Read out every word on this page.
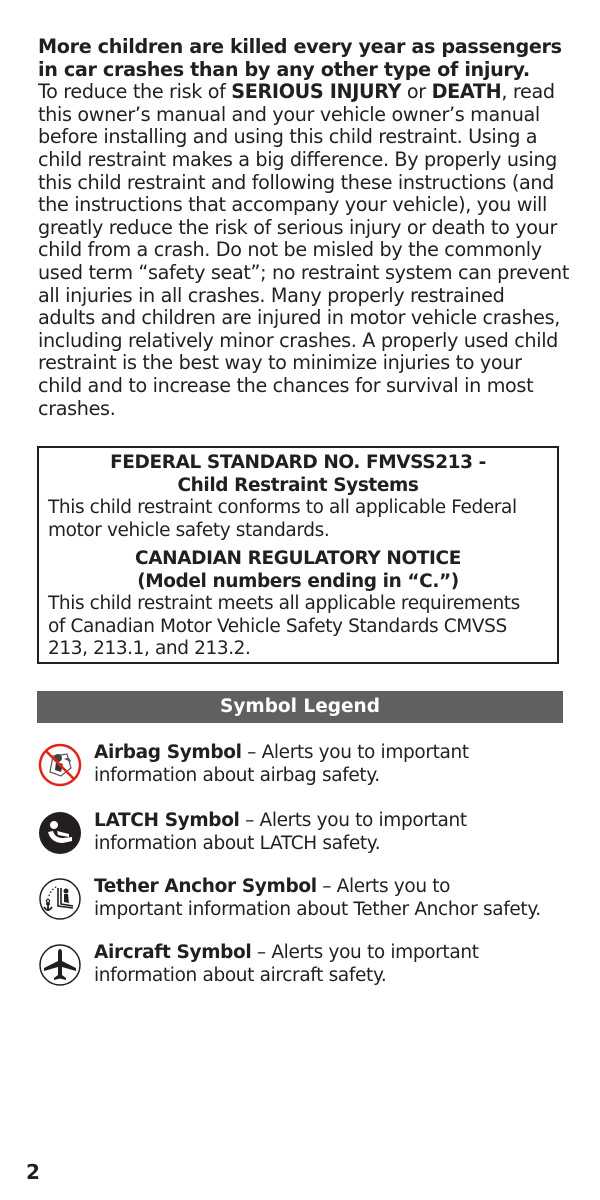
More children are killed every year as passengers
in car crashes than by any other type of injury.
To reduce the risk of SERIOUS INJURY or DEATH, read
this owner’s manual and your vehicle owner’s manual
before installing and using this child restraint. Using a
child restraint makes a big difference. By properly using
this child restraint and following these instructions (and
the instructions that accompany your vehicle), you will
greatly reduce the risk of serious injury or death to your
child from a crash. Do not be misled by the commonly
used term “safety seat”; no restraint system can prevent
all injuries in all crashes. Many properly restrained
adults and children are injured in motor vehicle crashes,
including relatively minor crashes. A properly used child
restraint is the best way to minimize injuries to your
child and to increase the chances for survival in most
crashes.
FEDERAL STANDARD NO. FMVSS213 -
Child Restraint Systems
This child restraint conforms to all applicable Federal
motor vehicle safety standards.
CANADIAN REGULATORY NOTICE
(Model numbers ending in “C.”)
This child restraint meets all applicable requirements
of Canadian Motor Vehicle Safety Standards CMVSS
213, 213.1, and 213.2.
Symbol Legend
Airbag Symbol – Alerts you to important
information about airbag safety.
LATCH Symbol – Alerts you to important
information about LATCH safety.
Tether Anchor Symbol – Alerts you to
important information about Tether Anchor safety.
Aircraft Symbol – Alerts you to important
information about aircraft safety.
2
